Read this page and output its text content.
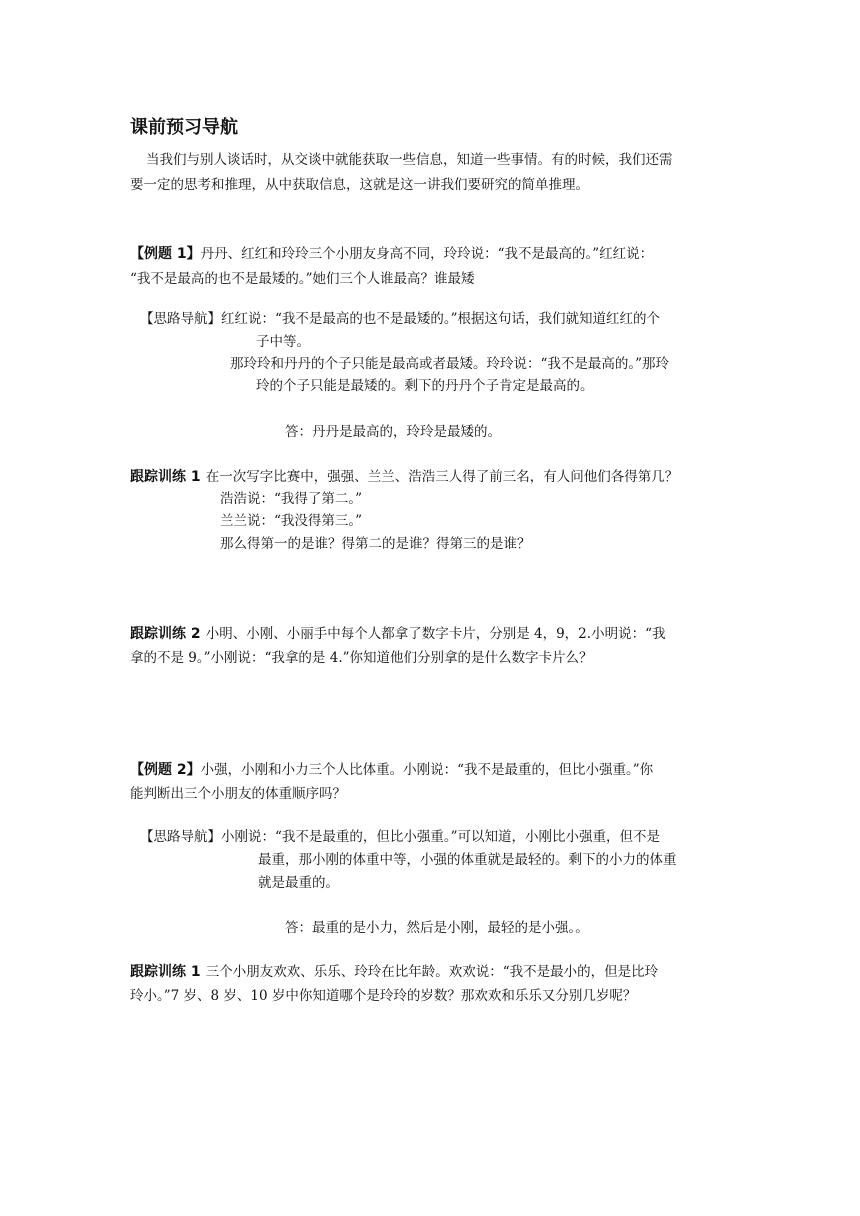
课前预习导航
当我们与别人谈话时，从交谈中就能获取一些信息，知道一些事情。有的时候，我们还需
要一定的思考和推理，从中获取信息，这就是这一讲我们要研究的简单推理。
【例题 1】丹丹、红红和玲玲三个小朋友身高不同，玲玲说：“我不是最高的。”红红说：
“我不是最高的也不是最矮的。”她们三个人谁最高？谁最矮
【思路导航】红红说：“我不是最高的也不是最矮的。”根据这句话，我们就知道红红的个
子中等。
那玲玲和丹丹的个子只能是最高或者最矮。玲玲说：“我不是最高的。”那玲
玲的个子只能是最矮的。剩下的丹丹个子肯定是最高的。
答：丹丹是最高的，玲玲是最矮的。
跟踪训练 1 在一次写字比赛中，强强、兰兰、浩浩三人得了前三名，有人问他们各得第几？
浩浩说：“我得了第二。”
兰兰说：“我没得第三。”
那么得第一的是谁？得第二的是谁？得第三的是谁？
跟踪训练 2 小明、小刚、小丽手中每个人都拿了数字卡片，分别是 4，9，2.小明说：“我
拿的不是 9。”小刚说：“我拿的是 4.”你知道他们分别拿的是什么数字卡片么？
【例题 2】小强，小刚和小力三个人比体重。小刚说：“我不是最重的，但比小强重。”你
能判断出三个小朋友的体重顺序吗？
【思路导航】小刚说：“我不是最重的，但比小强重。”可以知道，小刚比小强重，但不是
最重，那小刚的体重中等，小强的体重就是最轻的。剩下的小力的体重
就是最重的。
答：最重的是小力，然后是小刚，最轻的是小强。。
跟踪训练 1 三个小朋友欢欢、乐乐、玲玲在比年龄。欢欢说：“我不是最小的，但是比玲
玲小。”7 岁、8 岁、10 岁中你知道哪个是玲玲的岁数？那欢欢和乐乐又分别几岁呢？
